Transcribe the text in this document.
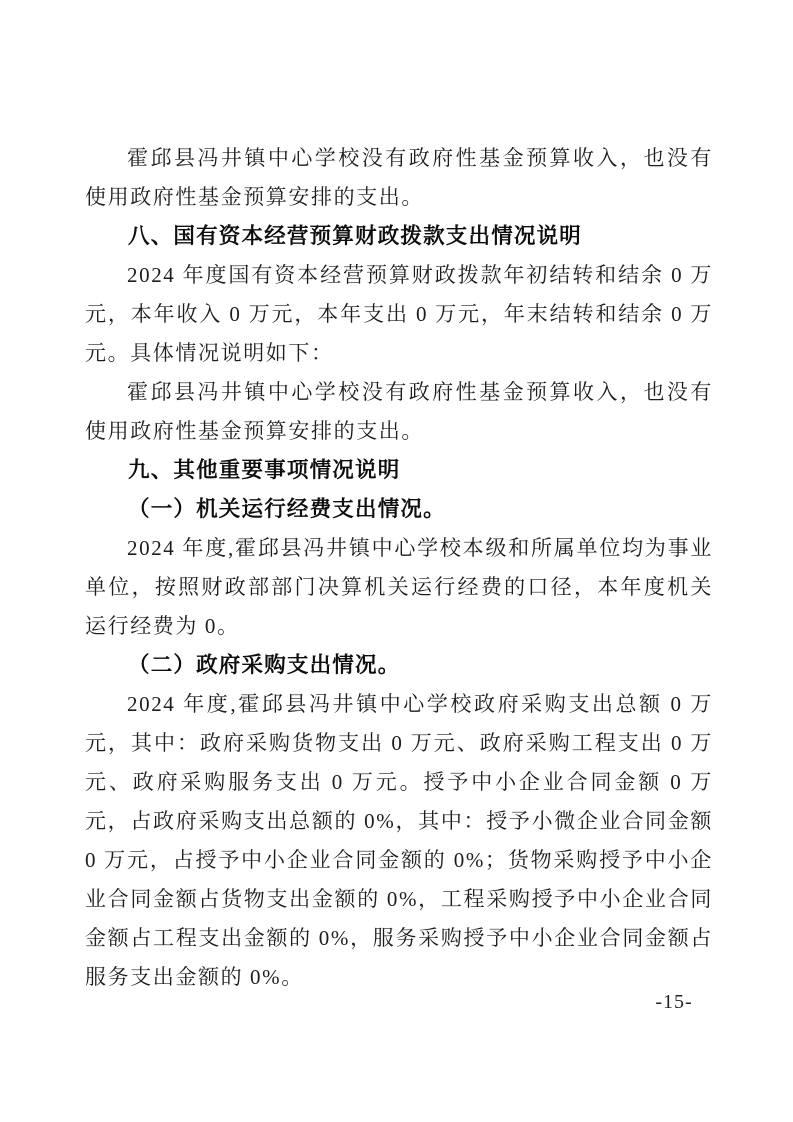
霍邱县冯井镇中心学校没有政府性基金预算收入，也没有使用政府性基金预算安排的支出。

八、国有资本经营预算财政拨款支出情况说明

2024 年度国有资本经营预算财政拨款年初结转和结余 0 万元，本年收入 0 万元，本年支出 0 万元，年末结转和结余 0 万元。具体情况说明如下：

霍邱县冯井镇中心学校没有政府性基金预算收入，也没有使用政府性基金预算安排的支出。

九、其他重要事项情况说明
（一）机关运行经费支出情况。

2024 年度,霍邱县冯井镇中心学校本级和所属单位均为事业单位，按照财政部部门决算机关运行经费的口径，本年度机关运行经费为 0。

（二）政府采购支出情况。

2024 年度,霍邱县冯井镇中心学校政府采购支出总额 0 万元，其中：政府采购货物支出 0 万元、政府采购工程支出 0 万元、政府采购服务支出 0 万元。授予中小企业合同金额 0 万元，占政府采购支出总额的 0%，其中：授予小微企业合同金额 0 万元，占授予中小企业合同金额的 0%；货物采购授予中小企业合同金额占货物支出金额的 0%，工程采购授予中小企业合同金额占工程支出金额的 0%，服务采购授予中小企业合同金额占服务支出金额的 0%。

-15-
